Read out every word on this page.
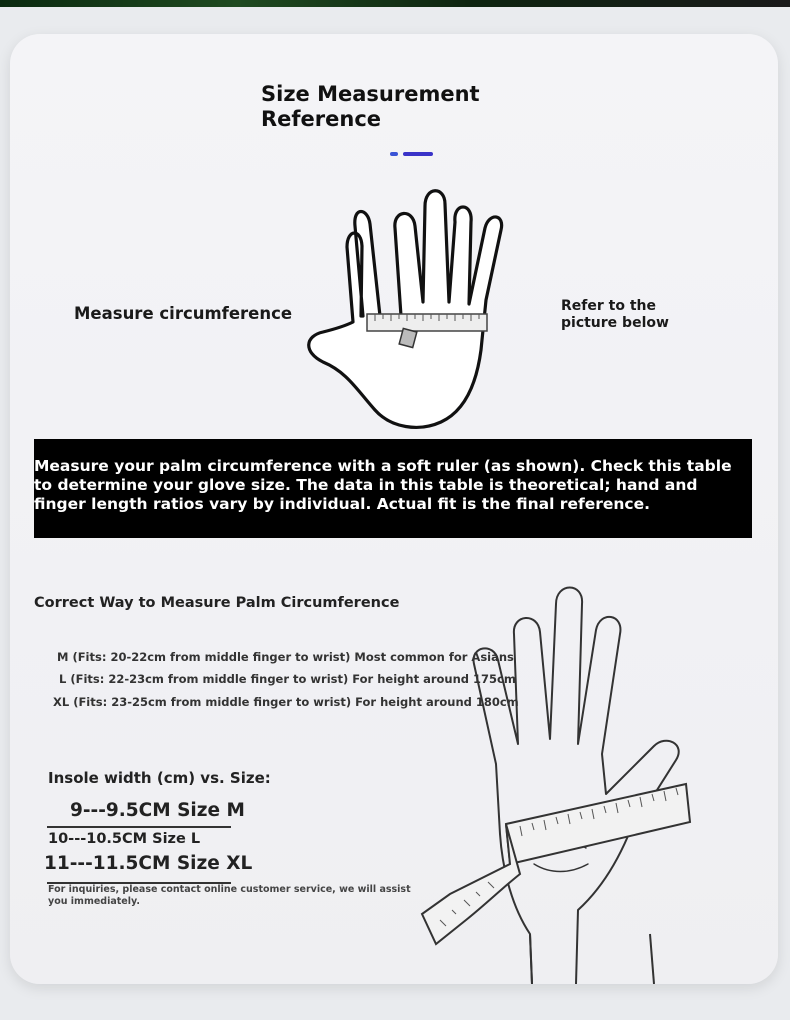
Size Measurement Reference
Measure circumference	Refer to the picture below
Measure your palm circumference with a soft ruler (as shown). Check this table to determine your glove size. The data in this table is theoretical; hand and finger length ratios vary by individual. Actual fit is the final reference.
Correct Way to Measure Palm Circumference
M (Fits: 20-22cm from middle finger to wrist) Most common for Asians
L (Fits: 22-23cm from middle finger to wrist) For height around 175cm
XL (Fits: 23-25cm from middle finger to wrist) For height around 180cm
Insole width (cm) vs. Size:
9---9.5CM Size M
10---10.5CM Size L
11---11.5CM Size XL
For inquiries, please contact online customer service, we will assist you immediately.
